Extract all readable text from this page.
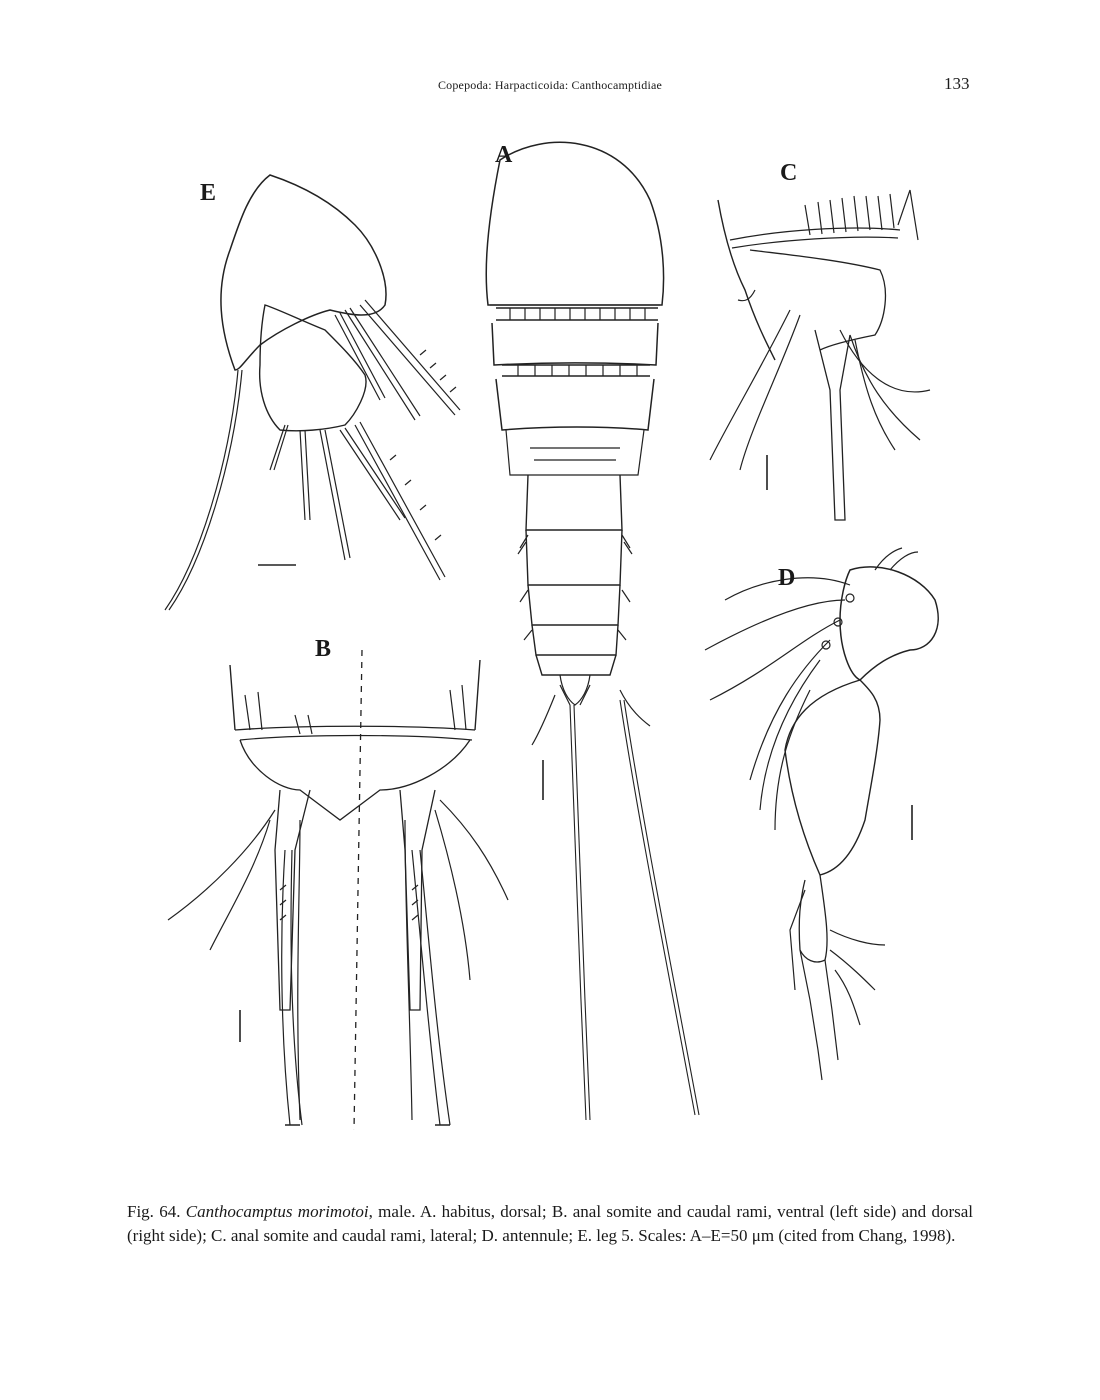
Copepoda: Harpacticoida: Canthocamptidiae	133
A
E
C
D
B
Fig. 64. Canthocamptus morimotoi, male. A. habitus, dorsal; B. anal somite and caudal rami, ventral (left side) and dorsal (right side); C. anal somite and caudal rami, lateral; D. antennule; E. leg 5. Scales: A–E=50 μm (cited from Chang, 1998).
